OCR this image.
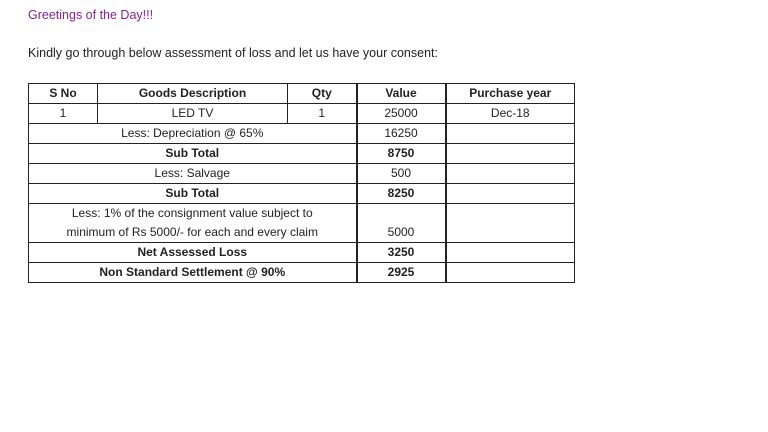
Greetings of the Day!!!
Kindly go through below assessment of loss and let us have your consent:
S No	Goods Description	Qty	Value	Purchase year
1	LED TV	1	25000	Dec-18
Less: Depreciation @ 65%			16250	
Sub Total			8750	
Less: Salvage			500	
Sub Total			8250	

Less: 1% of the consignment value subject to
minimum of Rs 5000/- for each and every claim			5000	
Net Assessed Loss			3250	
Non Standard Settlement @ 90%			2925	
